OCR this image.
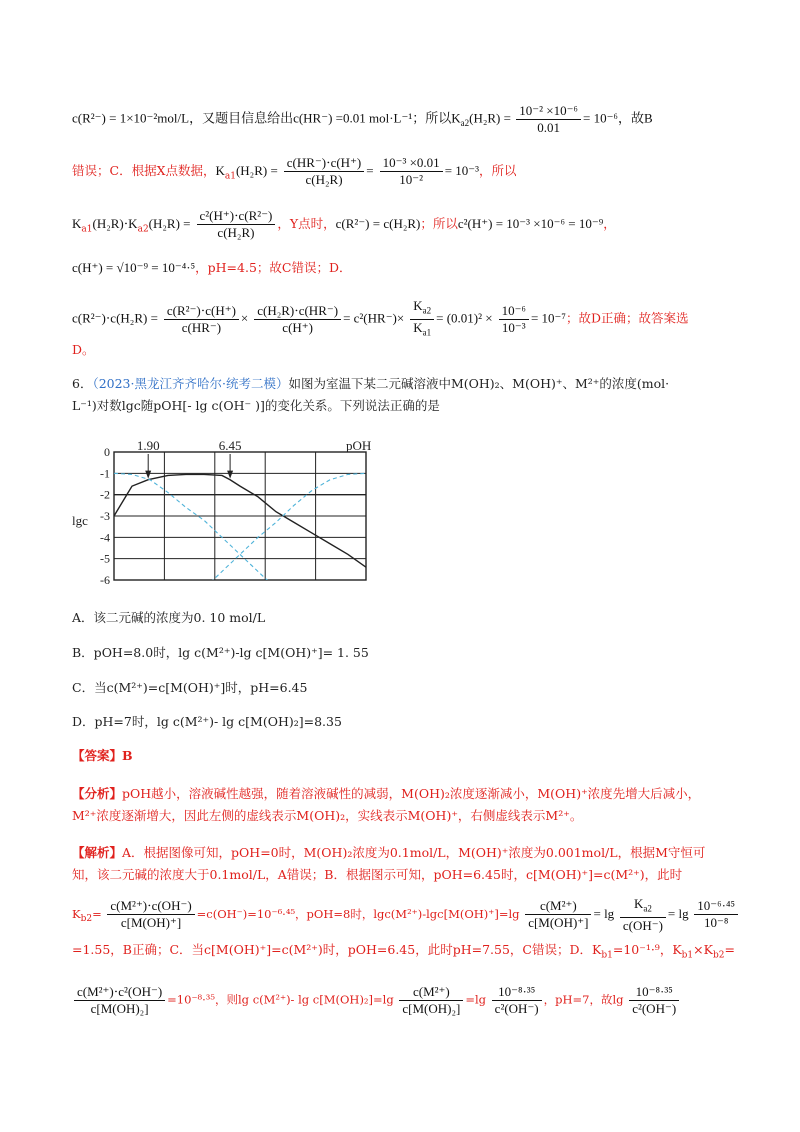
c(R²⁻) = 1×10⁻²mol/L，又题目信息给出c(HR⁻) =0.01 mol·L⁻¹；所以$K_{a2}(H_2R) = \frac{\text{10⁻² ×10⁻⁶}}{0.01} = 10^{-6}$，故B
错误；C．根据X点数据，$K_{a1}(H_2R) = \frac{c(HR^-)\cdot c(H^+)}{\text{c(H₂R)}} = \frac{\text{10⁻³ ×0.01}}{\text{10⁻²}} = 10^{-3}$，所以
$K_{a1}(H_2R)\cdot K_{a2}(H_2R) = \frac{\text{c²(H⁺)⋅c(R²⁻)}}{\text{c(H₂R)}}$ ，Y点时，c(R²⁻) = c(H₂R)；所以c²(H⁺) = 10⁻³ ×10⁻⁶ = 10⁻⁹，
c(H⁺) = √10⁻⁹ = 10⁻⁴·⁵，pH=4.5；故C错误；D．
$c(R^{2-})\cdot c(H_2R) = \frac{\text{c(R²⁻)⋅c(H⁺)}}{c(HR^-)} \times \frac{\text{c(H₂R)⋅c(HR⁻)}}{c(H^+)} = c^2(HR^-)\times \frac{K_{a2}}{K_{a1}} = (0.01)^2 \times \frac{\text{10⁻⁶}}{\text{10⁻³}} = 10^{-7}$；故D正确；故答案选
D。
6．（2023·黑龙江齐齐哈尔·统考二模）如图为室温下某二元碱溶液中M(OH)₂、M(OH)⁺、M²⁺的浓度(mol·
L⁻¹)对数lgc随pOH[- lg c(OH⁻ )]的变化关系。下列说法正确的是
0
-1
-2
-3
-4
-5
-6
lgc
pOH
1.90	6.45
A．该二元碱的浓度为0. 10 mol/L
B．pOH=8.0时，lg c(M²⁺)-lg c[M(OH)⁺]= 1. 55
C．当c(M²⁺)=c[M(OH)⁺]时，pH=6.45
D．pH=7时，lg c(M²⁺)- lg c[M(OH)₂]=8.35
【答案】B
【分析】pOH越小，溶液碱性越强，随着溶液碱性的减弱，M(OH)₂浓度逐渐减小，M(OH)⁺浓度先增大后减小，
M²⁺浓度逐渐增大，因此左侧的虚线表示M(OH)₂，实线表示M(OH)⁺，右侧虚线表示M²⁺。
【解析】A．根据图像可知，pOH=0时，M(OH)₂浓度为0.1mol/L，M(OH)⁺浓度为0.001mol/L，根据M守恒可
知，该二元碱的浓度大于0.1mol/L，A错误；B．根据图示可知，pOH=6.45时，c[M(OH)⁺]=c(M²⁺)，此时
$K_{b2}= \frac{\text{c(M²⁺)⋅c(OH⁻)}}{c[M(OH)^+]} =c(OH^-)=10^{-6}\cdot^{45}$，pOH=8时，$\lg c(M^{2+})-\lg c[M(OH)^+]=\lg \frac{\text{c(M²⁺)}}{c[M(OH)^+]} = \lg \frac{K_{a2}}{c(OH^-)} = \lg \frac{\text{10⁻⁶·⁴⁵}}{\text{10⁻⁸}}$
=1.55，B正确；C．当c[M(OH)⁺]=c(M²⁺)时，pOH=6.45，此时pH=7.55，C错误；D．$K_{b1}=10^{-1}\cdot^9$，$K_{b1}\times K_{b2}=$
$\frac{\text{c(M²⁺)⋅c²(OH⁻)}}{\text{c[M(OH)₂]}} =10^{-8}\cdot^{35}$，则lg c(M²⁺)- $\lg c[M(OH)_2]=\lg \frac{\text{c(M²⁺)}}{\text{c[M(OH)₂]}} =\lg \frac{\text{10⁻⁸·³⁵}}{\text{c²(OH⁻)}}$ ，pH=7，故$\lg \frac{\text{10⁻⁸·³⁵}}{\text{c²(OH⁻)}}$
